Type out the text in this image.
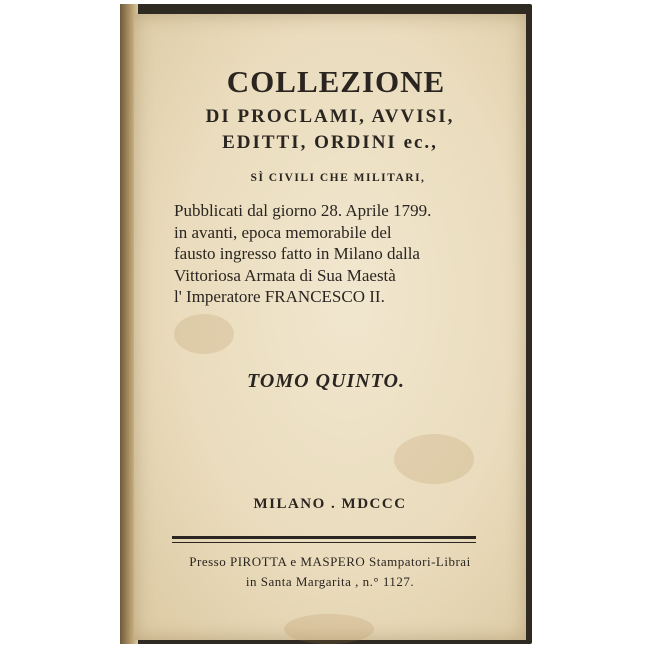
COLLEZIONE
DI PROCLAMI, AVVISI,
EDITTI, ORDINI ec.,
SÌ CIVILI CHE MILITARI,
Pubblicati dal giorno 28. Aprile 1799.
in avanti, epoca memorabile del
fausto ingresso fatto in Milano dalla
Vittoriosa Armata di Sua Maestà
l' Imperatore FRANCESCO II.
TOMO QUINTO.
MILANO . MDCCC
Presso PIROTTA e MASPERO Stampatori-Librai
in Santa Margarita , n.° 1127.
